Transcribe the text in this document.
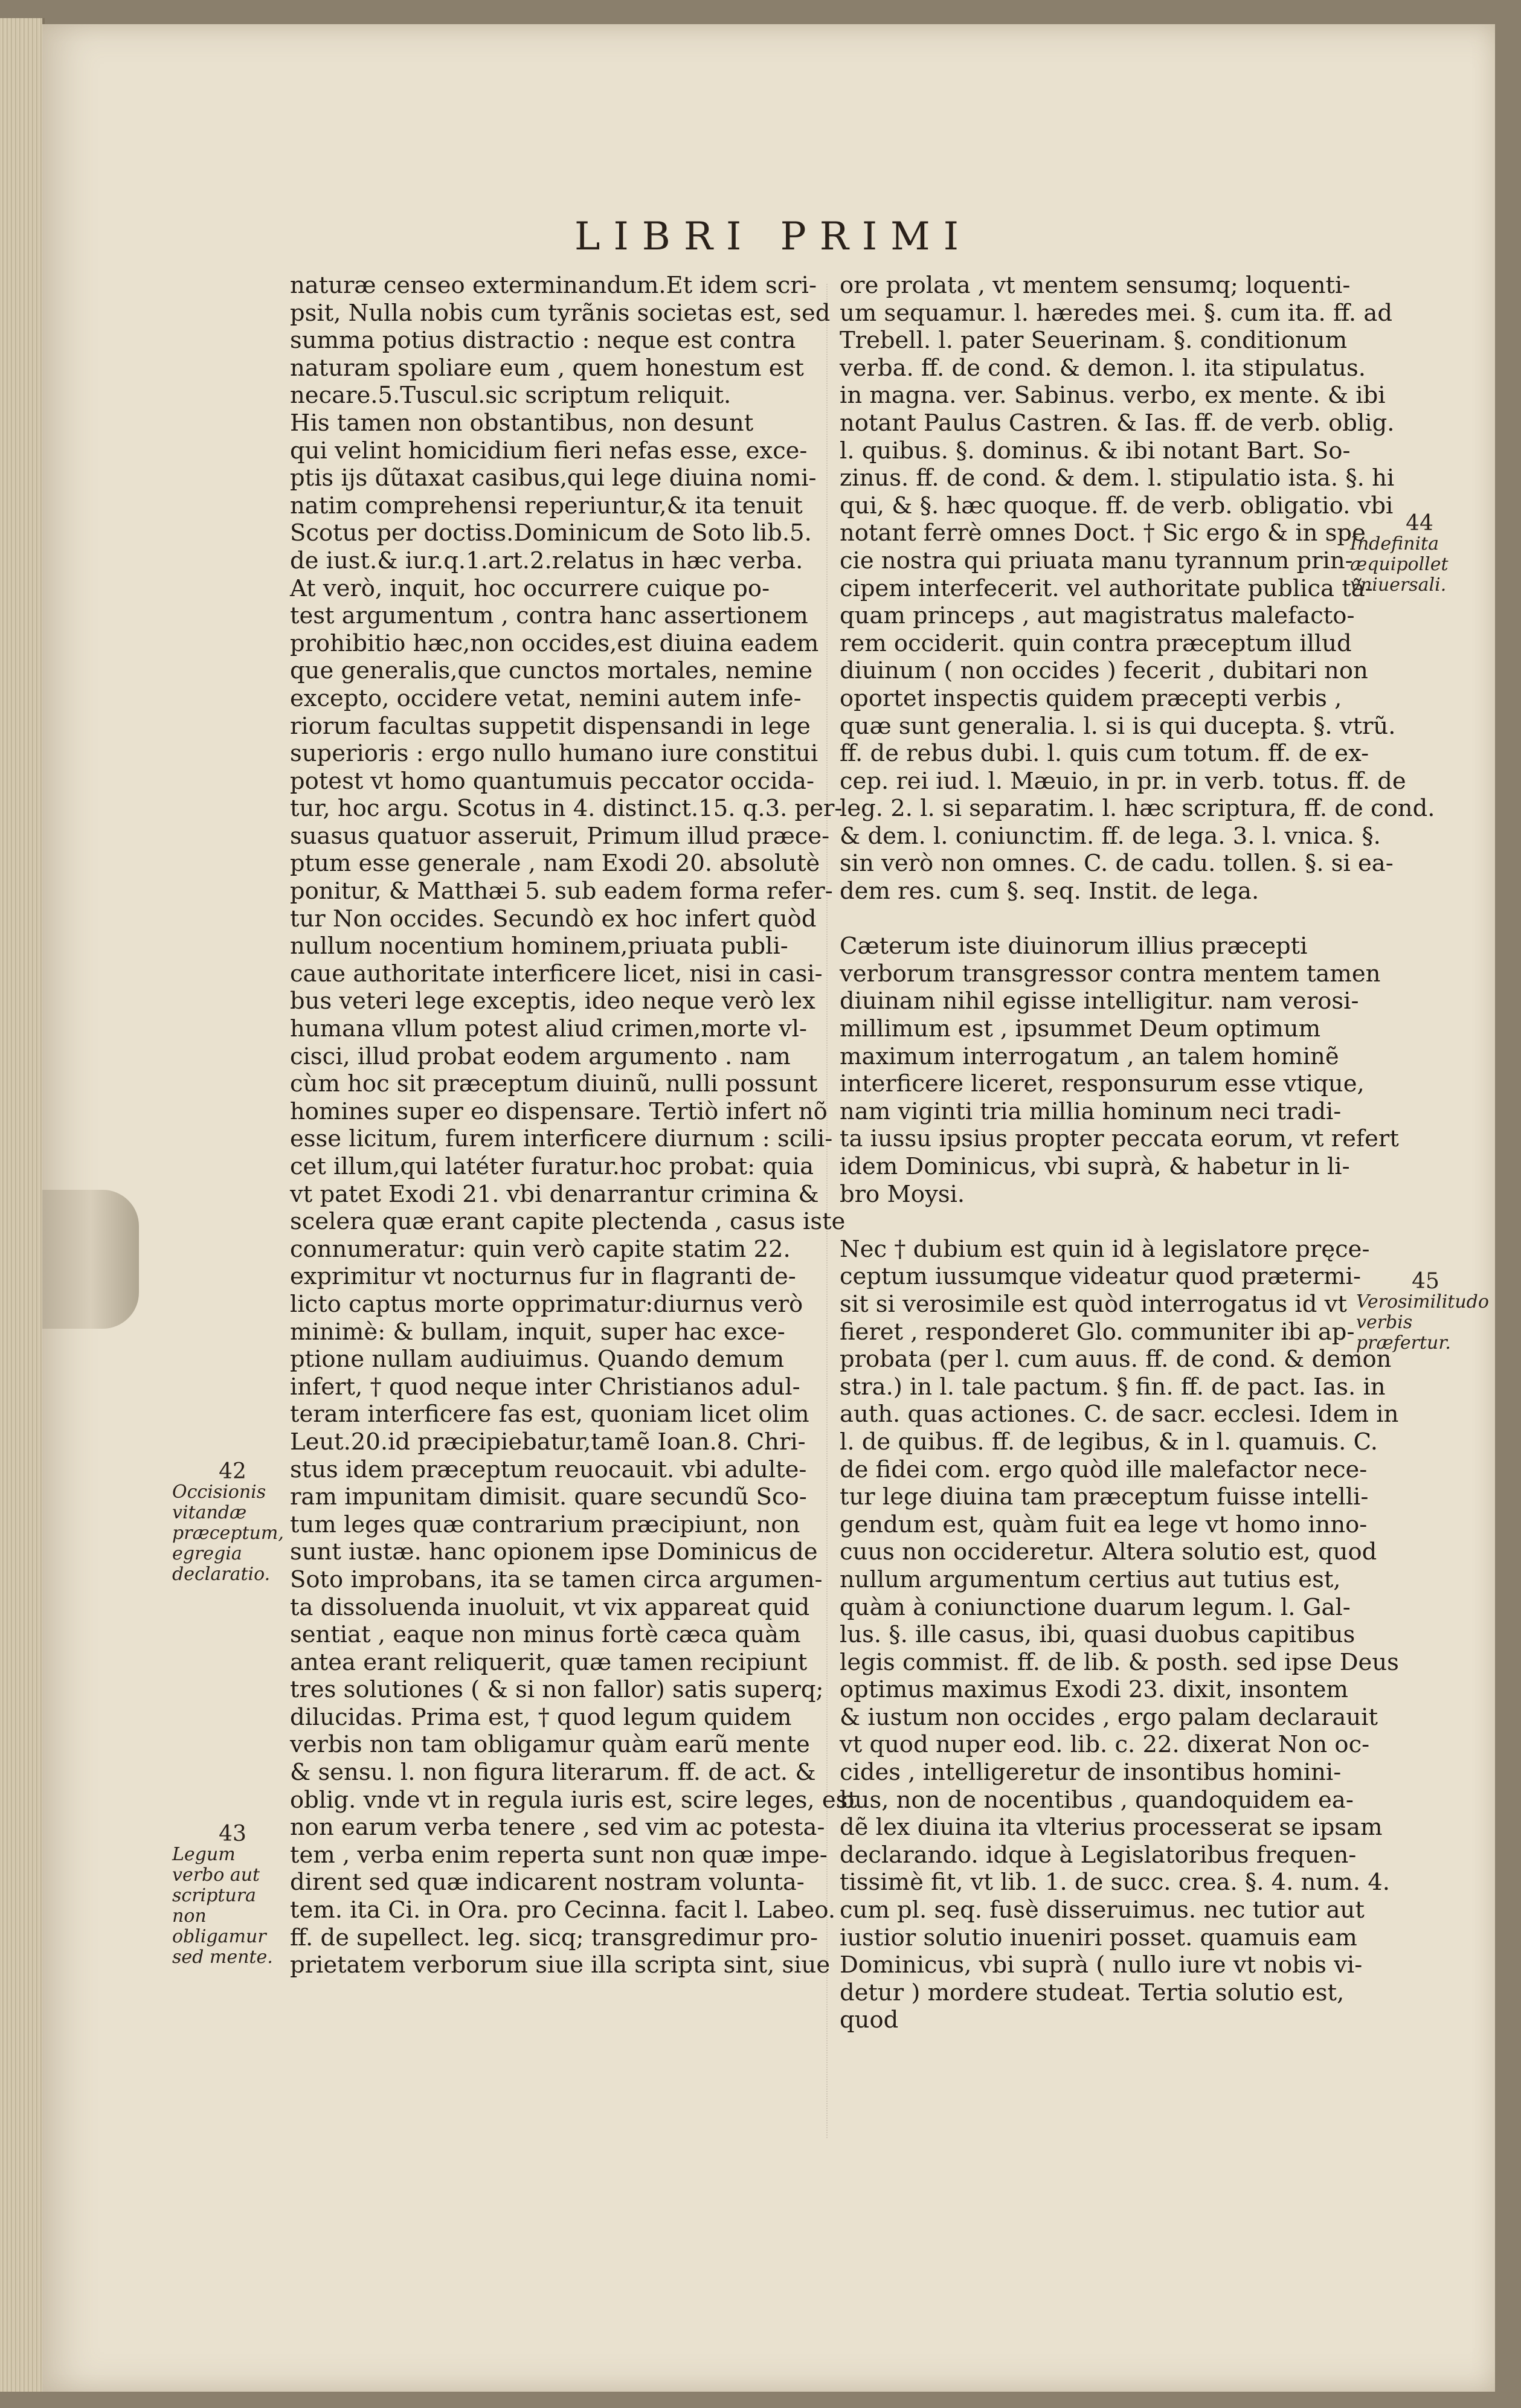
LIBRI PRIMI
naturæ censeo exterminandum.Et idem scri-
psit, Nulla nobis cum tyrãnis societas est, sed
summa potius distractio : neque est contra
naturam spoliare eum , quem honestum est
necare.5.Tuscul.sic scriptum reliquit.
His tamen non obstantibus, non desunt
qui velint homicidium fieri nefas esse, exce-
ptis ijs dũtaxat casibus,qui lege diuina nomi-
natim comprehensi reperiuntur,& ita tenuit
Scotus per doctiss.Dominicum de Soto lib.5.
de iust.& iur.q.1.art.2.relatus in hæc verba.
At verò, inquit, hoc occurrere cuique po-
test argumentum , contra hanc assertionem
prohibitio hæc,non occides,est diuina eadem
que generalis,que cunctos mortales, nemine
excepto, occidere vetat, nemini autem infe-
riorum facultas suppetit dispensandi in lege
superioris : ergo nullo humano iure constitui
potest vt homo quantumuis peccator occida-
tur, hoc argu. Scotus in 4. distinct.15. q.3. per-
suasus quatuor asseruit, Primum illud præce-
ptum esse generale , nam Exodi 20. absolutè
ponitur, & Matthæi 5. sub eadem forma refer-
tur Non occides. Secundò ex hoc infert quòd
nullum nocentium hominem,priuata publi-
caue authoritate interficere licet, nisi in casi-
bus veteri lege exceptis, ideo neque verò lex
humana vllum potest aliud crimen,morte vl-
cisci, illud probat eodem argumento . nam
cùm hoc sit præceptum diuinũ, nulli possunt
homines super eo dispensare. Tertiò infert nõ
esse licitum, furem interficere diurnum : scili-
cet illum,qui latéter furatur.hoc probat: quia
vt patet Exodi 21. vbi denarrantur crimina &
scelera quæ erant capite plectenda , casus iste
connumeratur: quin verò capite statim 22.
exprimitur vt nocturnus fur in flagranti de-
licto captus morte opprimatur:diurnus verò
minimè: & bullam, inquit, super hac exce-
ptione nullam audiuimus. Quando demum
infert, † quod neque inter Christianos adul-
teram interficere fas est, quoniam licet olim
Leut.20.id præcipiebatur,tamẽ Ioan.8. Chri-
stus idem præceptum reuocauit. vbi adulte-
ram impunitam dimisit. quare secundũ Sco-
tum leges quæ contrarium præcipiunt, non
sunt iustæ. hanc opionem ipse Dominicus de
Soto improbans, ita se tamen circa argumen-
ta dissoluenda inuoluit, vt vix appareat quid
sentiat , eaque non minus fortè cæca quàm
antea erant reliquerit, quæ tamen recipiunt
tres solutiones ( & si non fallor) satis superq;
dilucidas. Prima est, † quod legum quidem
verbis non tam obligamur quàm earũ mente
& sensu. l. non figura literarum. ff. de act. &
oblig. vnde vt in regula iuris est, scire leges, est
non earum verba tenere , sed vim ac potesta-
tem , verba enim reperta sunt non quæ impe-
dirent sed quæ indicarent nostram volunta-
tem. ita Ci. in Ora. pro Cecinna. facit l. Labeo.
ff. de supellect. leg. sicq; transgredimur pro-
prietatem verborum siue illa scripta sint, siue
ore prolata , vt mentem sensumq; loquenti-
um sequamur. l. hæredes mei. §. cum ita. ff. ad
Trebell. l. pater Seuerinam. §. conditionum
verba. ff. de cond. & demon. l. ita stipulatus.
in magna. ver. Sabinus. verbo, ex mente. & ibi
notant Paulus Castren. & Ias. ff. de verb. oblig.
l. quibus. §. dominus. & ibi notant Bart. So-
zinus. ff. de cond. & dem. l. stipulatio ista. §. hi
qui, & §. hæc quoque. ff. de verb. obligatio. vbi
notant ferrè omnes Doct. † Sic ergo & in spe
cie nostra qui priuata manu tyrannum prin-
cipem interfecerit. vel authoritate publica tã-
quam princeps , aut magistratus malefacto-
rem occiderit. quin contra præceptum illud
diuinum ( non occides ) fecerit , dubitari non
oportet inspectis quidem præcepti verbis ,
quæ sunt generalia. l. si is qui ducepta. §. vtrũ.
ff. de rebus dubi. l. quis cum totum. ff. de ex-
cep. rei iud. l. Mæuio, in pr. in verb. totus. ff. de
leg. 2. l. si separatim. l. hæc scriptura, ff. de cond.
& dem. l. coniunctim. ff. de lega. 3. l. vnica. §.
sin verò non omnes. C. de cadu. tollen. §. si ea-
dem res. cum §. seq. Instit. de lega.

Cæterum iste diuinorum illius præcepti
verborum transgressor contra mentem tamen
diuinam nihil egisse intelligitur. nam verosi-
millimum est , ipsummet Deum optimum
maximum interrogatum , an talem hominẽ
interficere liceret, responsurum esse vtique,
nam viginti tria millia hominum neci tradi-
ta iussu ipsius propter peccata eorum, vt refert
idem Dominicus, vbi suprà, & habetur in li-
bro Moysi.

Nec † dubium est quin id à legislatore pręce-
ceptum iussumque videatur quod prætermi-
sit si verosimile est quòd interrogatus id vt
fieret , responderet Glo. communiter ibi ap-
probata (per l. cum auus. ff. de cond. & demon
stra.) in l. tale pactum. § fin. ff. de pact. Ias. in
auth. quas actiones. C. de sacr. ecclesi. Idem in
l. de quibus. ff. de legibus, & in l. quamuis. C.
de fidei com. ergo quòd ille malefactor nece-
tur lege diuina tam præceptum fuisse intelli-
gendum est, quàm fuit ea lege vt homo inno-
cuus non occideretur. Altera solutio est, quod
nullum argumentum certius aut tutius est,
quàm à coniunctione duarum legum. l. Gal-
lus. §. ille casus, ibi, quasi duobus capitibus
legis commist. ff. de lib. & posth. sed ipse Deus
optimus maximus Exodi 23. dixit, insontem
& iustum non occides , ergo palam declarauit
vt quod nuper eod. lib. c. 22. dixerat Non oc-
cides , intelligeretur de insontibus homini-
bus, non de nocentibus , quandoquidem ea-
dẽ lex diuina ita vlterius processerat se ipsam
declarando. idque à Legislatoribus frequen-
tissimè fit, vt lib. 1. de succ. crea. §. 4. num. 4.
cum pl. seq. fusè disseruimus. nec tutior aut
iustior solutio inueniri posset. quamuis eam
Dominicus, vbi suprà ( nullo iure vt nobis vi-
detur ) mordere studeat. Tertia solutio est,
quod
42
Occisionis vitandæ præceptum, egregia declaratio.
43
Legum verbo aut scriptura non obligamur sed mente.
44
Indefinita æquipollet vniuersali.
45
Verosimilitudo verbis præfertur.
